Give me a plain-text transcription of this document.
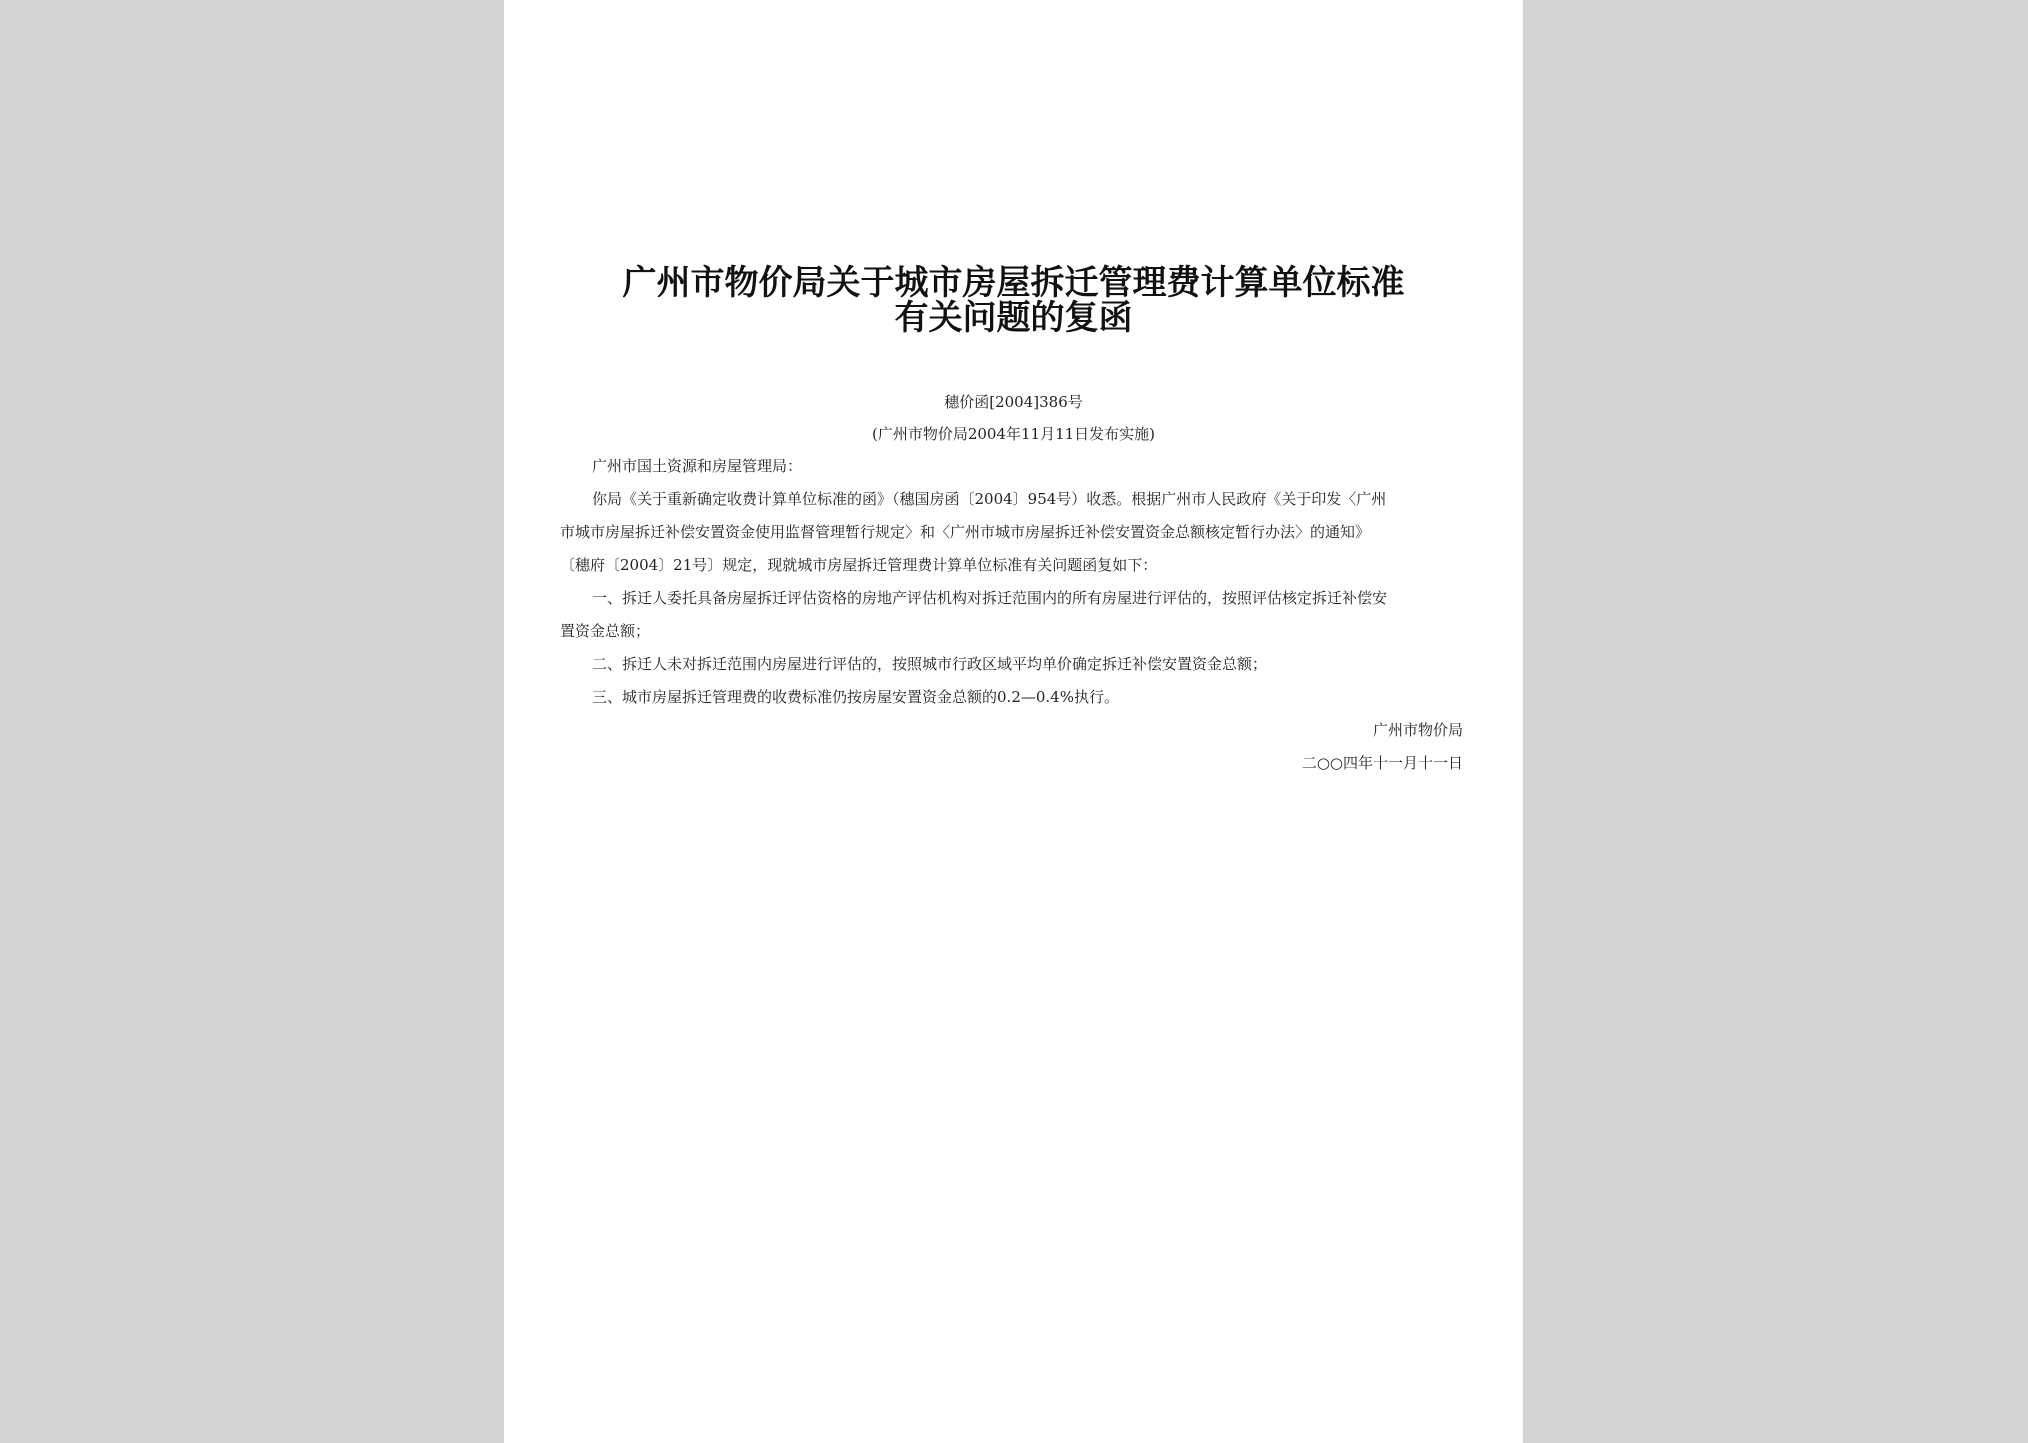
广州市物价局关于城市房屋拆迁管理费计算单位标准
有关问题的复函
穗价函[2004]386号
(广州市物价局2004年11月11日发布实施)
广州市国土资源和房屋管理局：
你局《关于重新确定收费计算单位标准的函》（穗国房函〔2004〕954号）收悉。根据广州市人民政府《关于印发〈广州
市城市房屋拆迁补偿安置资金使用监督管理暂行规定〉和〈广州市城市房屋拆迁补偿安置资金总额核定暂行办法〉的通知》
〔穗府〔2004〕21号〕规定，现就城市房屋拆迁管理费计算单位标准有关问题函复如下：
一、拆迁人委托具备房屋拆迁评估资格的房地产评估机构对拆迁范围内的所有房屋进行评估的，按照评估核定拆迁补偿安
置资金总额；
二、拆迁人未对拆迁范围内房屋进行评估的，按照城市行政区域平均单价确定拆迁补偿安置资金总额；
三、城市房屋拆迁管理费的收费标准仍按房屋安置资金总额的0.2—0.4%执行。
广州市物价局
二○○四年十一月十一日
